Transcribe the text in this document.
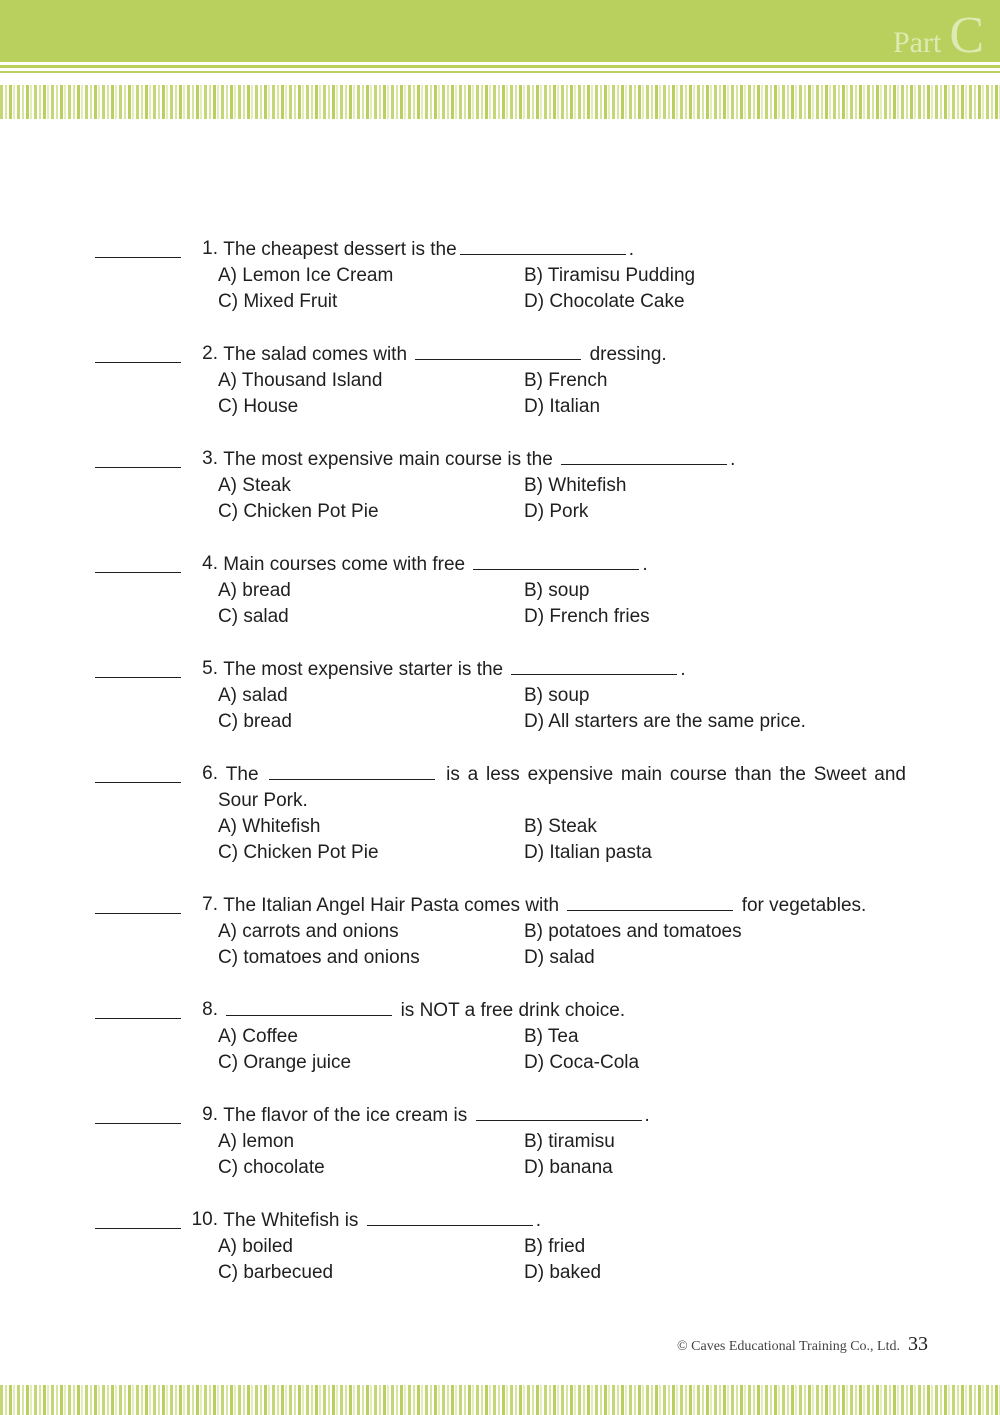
Part C
1. The cheapest dessert is the	.
A) Lemon Ice Cream	B) Tiramisu Pudding
C) Mixed Fruit	D) Chocolate Cake
2. The salad comes with	dressing.
A) Thousand Island	B) French
C) House	D) Italian
3. The most expensive main course is the	.
A) Steak	B) Whitefish
C) Chicken Pot Pie	D) Pork
4. Main courses come with free	.
A) bread	B) soup
C) salad	D) French fries
5. The most expensive starter is the	.
A) salad	B) soup
C) bread	D) All starters are the same price.
6. The	is a less expensive main course than the Sweet and Sour Pork.
A) Whitefish	B) Steak
C) Chicken Pot Pie	D) Italian pasta
7. The Italian Angel Hair Pasta comes with	for vegetables.
A) carrots and onions	B) potatoes and tomatoes
C) tomatoes and onions	D) salad
8.	is NOT a free drink choice.
A) Coffee	B) Tea
C) Orange juice	D) Coca-Cola
9. The flavor of the ice cream is	.
A) lemon	B) tiramisu
C) chocolate	D) banana
10. The Whitefish is	.
A) boiled	B) fried
C) barbecued	D) baked
© Caves Educational Training Co., Ltd. 33
